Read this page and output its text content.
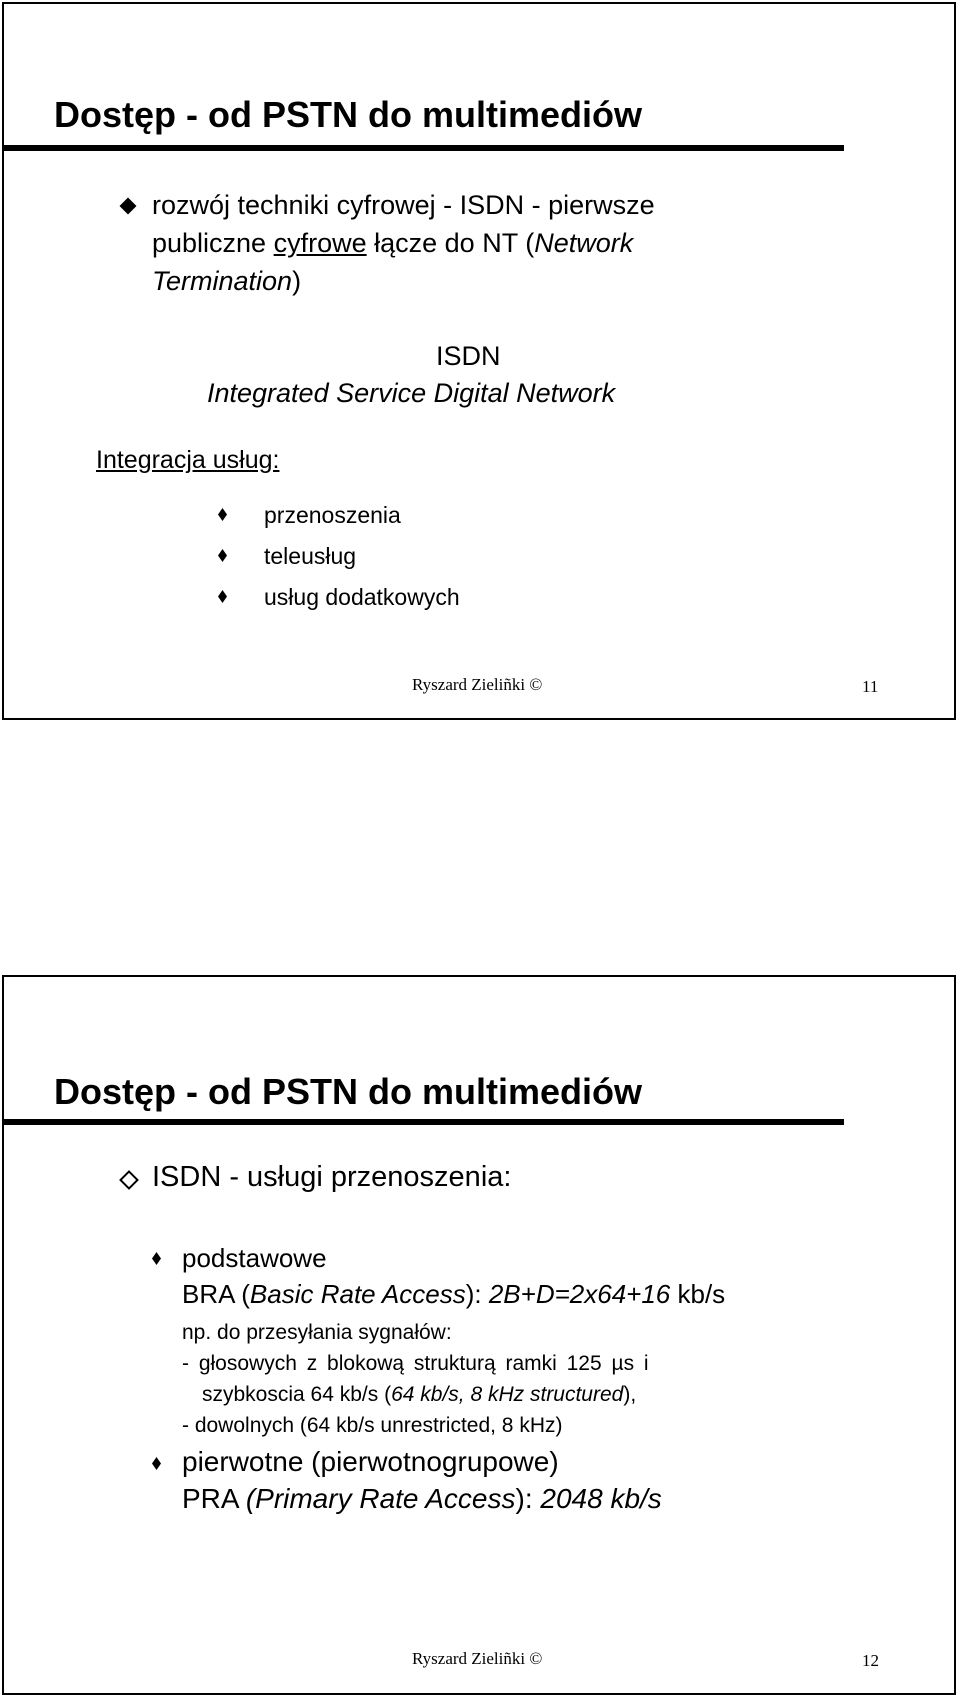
Dostęp - od PSTN do multimediów
rozwój techniki cyfrowej - ISDN - pierwsze
publiczne cyfrowe łącze do NT (Network
Termination)
ISDN
Integrated Service Digital Network
Integracja usług:
przenoszenia
teleusług
usług dodatkowych
Ryszard Zieliñki ©	11
Dostęp - od PSTN do multimediów
ISDN - usługi przenoszenia:
podstawowe
BRA (Basic Rate Access): 2B+D=2x64+16 kb/s
np. do przesyłania sygnałów:
- głosowych z blokową strukturą ramki 125 µs i
szybkoscia 64 kb/s (64 kb/s, 8 kHz structured),
- dowolnych (64 kb/s unrestricted, 8 kHz)
pierwotne (pierwotnogrupowe)
PRA (Primary Rate Access): 2048 kb/s
Ryszard Zieliñki ©	12
